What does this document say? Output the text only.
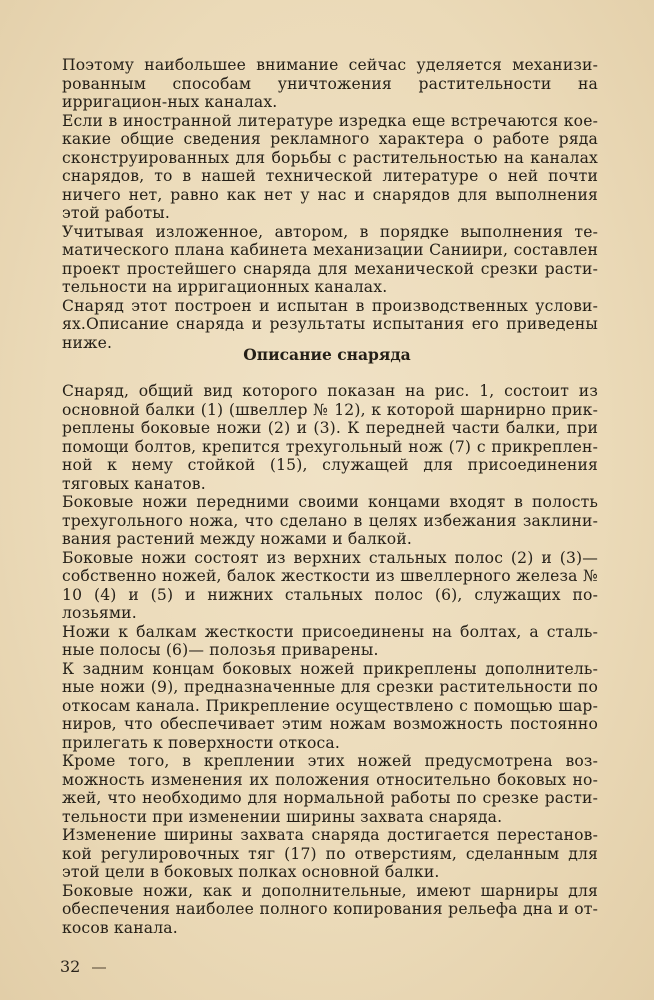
Поэтому наибольшее внимание сейчас уделяется механизи-рованным способам уничтожения растительности на ирригацион-ных каналах.

Если в иностранной литературе изредка еще встречаются кое-какие общие сведения рекламного характера о работе ряда сконструированных для борьбы с растительностью на каналах снарядов, то в нашей технической литературе о ней почти ничего нет, равно как нет у нас и снарядов для выполнения этой работы.

Учитывая изложенное, автором, в порядке выполнения те-матического плана кабинета механизации Саниири, составлен проект простейшего снаряда для механической срезки расти-тельности на ирригационных каналах.

Снаряд этот построен и испытан в производственных услови-ях.Описание снаряда и результаты испытания его приведены ниже.

Описание снаряда

Снаряд, общий вид которого показан на рис. 1, состоит из основной балки (1) (швеллер № 12), к которой шарнирно прик-реплены боковые ножи (2) и (3). К передней части балки, при помощи болтов, крепится трехугольный нож (7) с прикреплен-ной к нему стойкой (15), служащей для присоединения тяговых канатов.

Боковые ножи передними своими концами входят в полость трехугольного ножа, что сделано в целях избежания заклини-вания растений между ножами и балкой.

Боковые ножи состоят из верхних стальных полос (2) и (3)— собственно ножей, балок жесткости из швеллерного железа № 10 (4) и (5) и нижних стальных полос (6), служащих по-лозьями.

Ножи к балкам жесткости присоединены на болтах, а сталь-ные полосы (6)— полозья приварены.

К задним концам боковых ножей прикреплены дополнитель-ные ножи (9), предназначенные для срезки растительности по откосам канала. Прикрепление осуществлено с помощью шар-ниров, что обеспечивает этим ножам возможность постоянно прилегать к поверхности откоса.

Кроме того, в креплении этих ножей предусмотрена воз-можность изменения их положения относительно боковых но-жей, что необходимо для нормальной работы по срезке расти-тельности при изменении ширины захвата снаряда.

Изменение ширины захвата снаряда достигается перестанов-кой регулировочных тяг (17) по отверстиям, сделанным для этой цели в боковых полках основной балки.

Боковые ножи, как и дополнительные, имеют шарниры для обеспечения наиболее полного копирования рельефа дна и от-косов канала.

32
